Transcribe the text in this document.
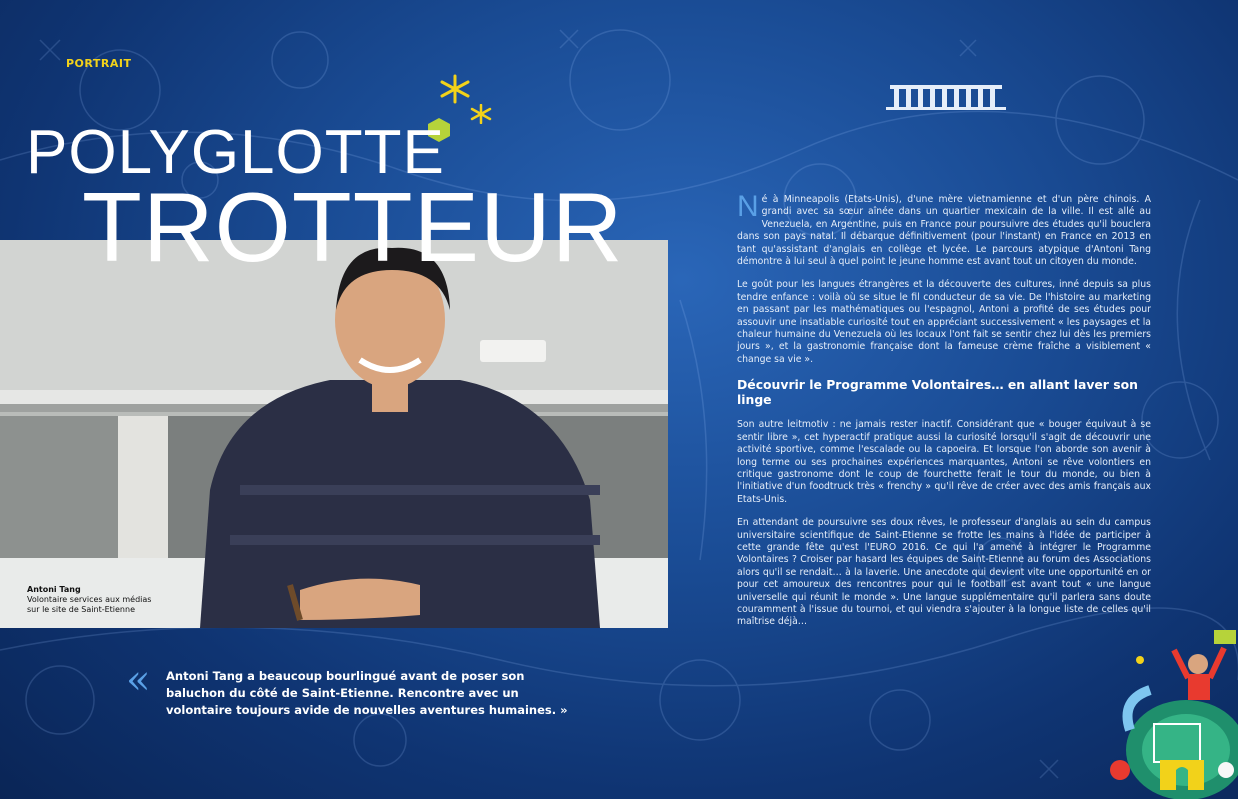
PORTRAIT
POLYGLOTTE
TROTTEUR
Antoni Tang
Volontaire services aux médias
sur le site de Saint-Etienne
« Antoni Tang a beaucoup bourlingué avant de poser son baluchon du côté de Saint-Etienne. Rencontre avec un volontaire toujours avide de nouvelles aventures humaines. »

Né à Minneapolis (Etats-Unis), d'une mère vietnamienne et d'un père chinois. A grandi avec sa sœur aînée dans un quartier mexicain de la ville. Il est allé au Venezuela, en Argentine, puis en France pour poursuivre des études qu'il bouclera dans son pays natal. Il débarque définitivement (pour l'instant) en France en 2013 en tant qu'assistant d'anglais en collège et lycée. Le parcours atypique d'Antoni Tang démontre à lui seul à quel point le jeune homme est avant tout un citoyen du monde.

Le goût pour les langues étrangères et la découverte des cultures, inné depuis sa plus tendre enfance : voilà où se situe le fil conducteur de sa vie. De l'histoire au marketing en passant par les mathématiques ou l'espagnol, Antoni a profité de ses études pour assouvir une insatiable curiosité tout en appréciant successivement « les paysages et la chaleur humaine du Venezuela où les locaux l'ont fait se sentir chez lui dès les premiers jours », et la gastronomie française dont la fameuse crème fraîche a visiblement « change sa vie ».

Découvrir le Programme Volontaires… en allant laver son linge

Son autre leitmotiv : ne jamais rester inactif. Considérant que « bouger équivaut à se sentir libre », cet hyperactif pratique aussi la curiosité lorsqu'il s'agit de découvrir une activité sportive, comme l'escalade ou la capoeira. Et lorsque l'on aborde son avenir à long terme ou ses prochaines expériences marquantes, Antoni se rêve volontiers en critique gastronome dont le coup de fourchette ferait le tour du monde, ou bien à l'initiative d'un foodtruck très « frenchy » qu'il rêve de créer avec des amis français aux Etats-Unis.

En attendant de poursuivre ses doux rêves, le professeur d'anglais au sein du campus universitaire scientifique de Saint-Etienne se frotte les mains à l'idée de participer à cette grande fête qu'est l'EURO 2016. Ce qui l'a amené à intégrer le Programme Volontaires ? Croiser par hasard les équipes de Saint-Etienne au forum des Associations alors qu'il se rendait… à la laverie. Une anecdote qui devient vite une opportunité en or pour cet amoureux des rencontres pour qui le football est avant tout « une langue universelle qui réunit le monde ». Une langue supplémentaire qu'il parlera sans doute couramment à l'issue du tournoi, et qui viendra s'ajouter à la longue liste de celles qu'il maîtrise déjà…
